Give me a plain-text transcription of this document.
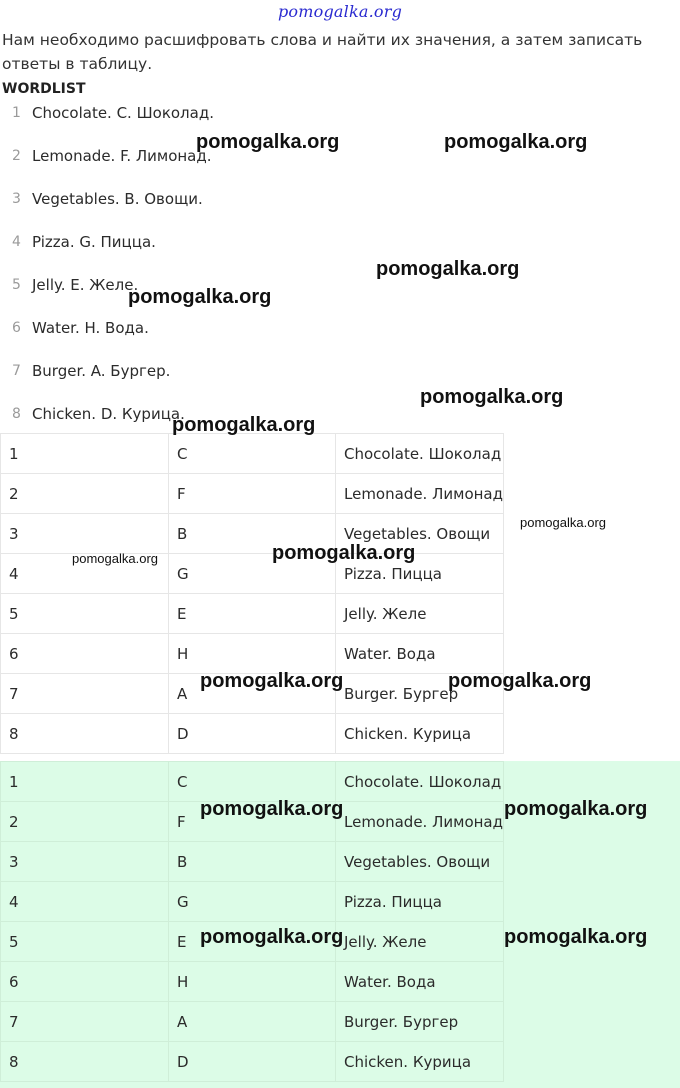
pomogalka.org
Нам необходимо расшифровать слова и найти их значения, а затем записать ответы в таблицу.
WORDLIST
1 Chocolate. C. Шоколад.
2 Lemonade. F. Лимонад.
3 Vegetables. B. Овощи.
4 Pizza. G. Пицца.
5 Jelly. E. Желе.
6 Water. H. Вода.
7 Burger. A. Бургер.
8 Chicken. D. Курица.
1	C	Chocolate. Шоколад
2	F	Lemonade. Лимонад
3	B	Vegetables. Овощи
4	G	Pizza. Пицца
5	E	Jelly. Желе
6	H	Water. Вода
7	A	Burger. Бургер
8	D	Chicken. Курица
1	C	Chocolate. Шоколад
2	F	Lemonade. Лимонад
3	B	Vegetables. Овощи
4	G	Pizza. Пицца
5	E	Jelly. Желе
6	H	Water. Вода
7	A	Burger. Бургер
8	D	Chicken. Курица
pomogalka.org	pomogalka.org
pomogalka.org
pomogalka.org
pomogalka.org
pomogalka.org
pomogalka.org
pomogalka.org
pomogalka.org
pomogalka.org	pomogalka.org
pomogalka.org	pomogalka.org
pomogalka.org	pomogalka.org
